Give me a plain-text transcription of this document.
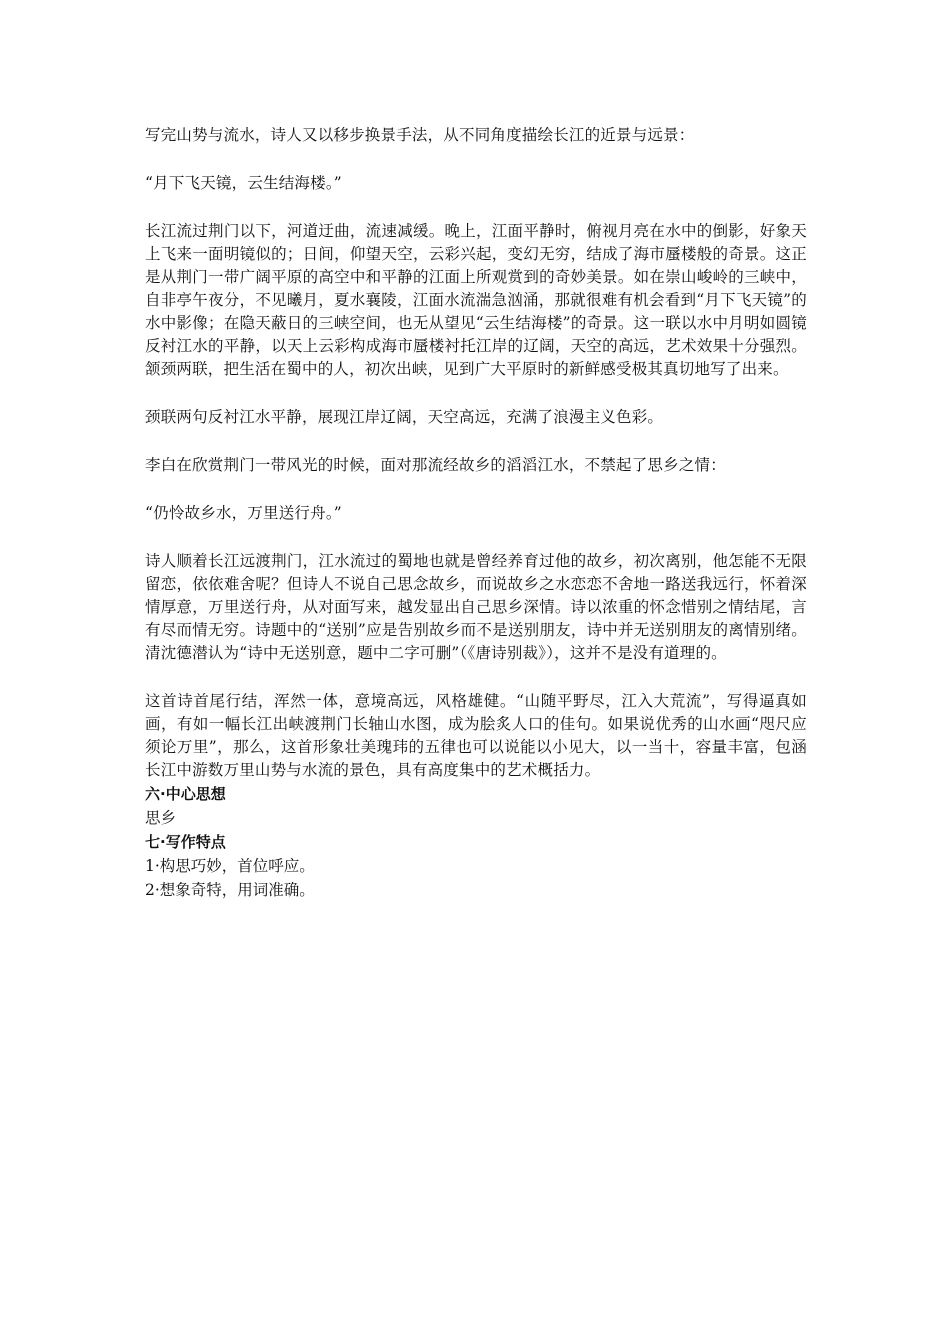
写完山势与流水，诗人又以移步换景手法，从不同角度描绘长江的近景与远景：

“月下飞天镜，云生结海楼。”

长江流过荆门以下，河道迂曲，流速减缓。晚上，江面平静时，俯视月亮在水中的倒影，好象天上飞来一面明镜似的；日间，仰望天空，云彩兴起，变幻无穷，结成了海市蜃楼般的奇景。这正是从荆门一带广阔平原的高空中和平静的江面上所观赏到的奇妙美景。如在崇山峻岭的三峡中，自非亭午夜分，不见曦月，夏水襄陵，江面水流湍急汹涌，那就很难有机会看到“月下飞天镜”的水中影像；在隐天蔽日的三峡空间，也无从望见“云生结海楼”的奇景。这一联以水中月明如圆镜反衬江水的平静，以天上云彩构成海市蜃楼衬托江岸的辽阔，天空的高远，艺术效果十分强烈。颔颈两联，把生活在蜀中的人，初次出峡，见到广大平原时的新鲜感受极其真切地写了出来。

颈联两句反衬江水平静，展现江岸辽阔，天空高远，充满了浪漫主义色彩。

李白在欣赏荆门一带风光的时候，面对那流经故乡的滔滔江水，不禁起了思乡之情：

“仍怜故乡水，万里送行舟。”

诗人顺着长江远渡荆门，江水流过的蜀地也就是曾经养育过他的故乡，初次离别，他怎能不无限留恋，依依难舍呢？但诗人不说自己思念故乡，而说故乡之水恋恋不舍地一路送我远行，怀着深情厚意，万里送行舟，从对面写来，越发显出自己思乡深情。诗以浓重的怀念惜别之情结尾，言有尽而情无穷。诗题中的“送别”应是告别故乡而不是送别朋友，诗中并无送别朋友的离情别绪。清沈德潜认为“诗中无送别意，题中二字可删”（《唐诗别裁》），这并不是没有道理的。

这首诗首尾行结，浑然一体，意境高远，风格雄健。“山随平野尽，江入大荒流”，写得逼真如画，有如一幅长江出峡渡荆门长轴山水图，成为脍炙人口的佳句。如果说优秀的山水画“咫尺应须论万里”，那么，这首形象壮美瑰玮的五律也可以说能以小见大，以一当十，容量丰富，包涵长江中游数万里山势与水流的景色，具有高度集中的艺术概括力。

六·中心思想

思乡

七·写作特点

1·构思巧妙，首位呼应。

2·想象奇特，用词准确。
